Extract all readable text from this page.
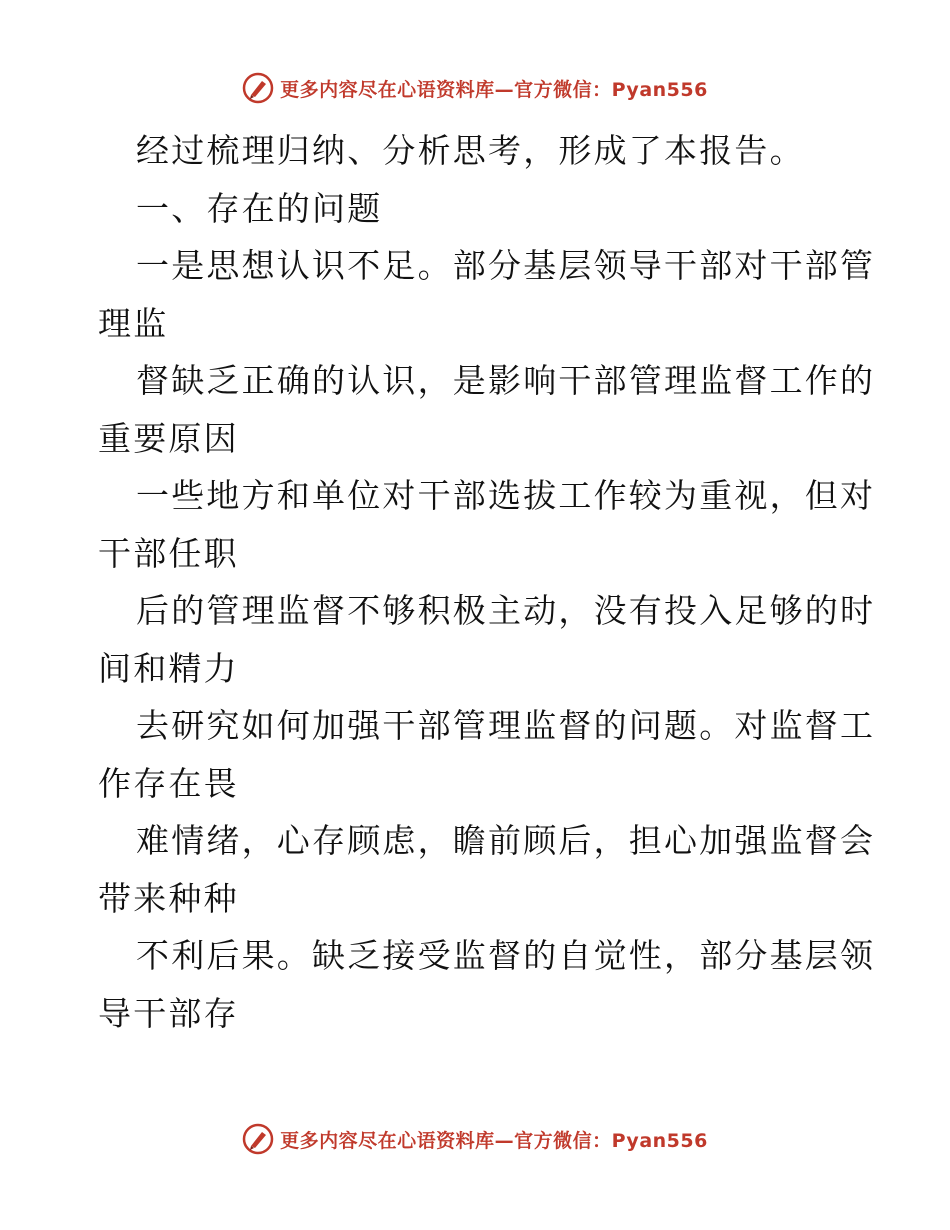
更多内容尽在心语资料库—官方微信：Pyan556
经过梳理归纳、分析思考，形成了本报告。
一、存在的问题
一是思想认识不足。部分基层领导干部对干部管
理监
督缺乏正确的认识，是影响干部管理监督工作的
重要原因
一些地方和单位对干部选拔工作较为重视，但对
干部任职
后的管理监督不够积极主动，没有投入足够的时
间和精力
去研究如何加强干部管理监督的问题。对监督工
作存在畏
难情绪，心存顾虑，瞻前顾后，担心加强监督会
带来种种
不利后果。缺乏接受监督的自觉性，部分基层领
导干部存
更多内容尽在心语资料库—官方微信：Pyan556
